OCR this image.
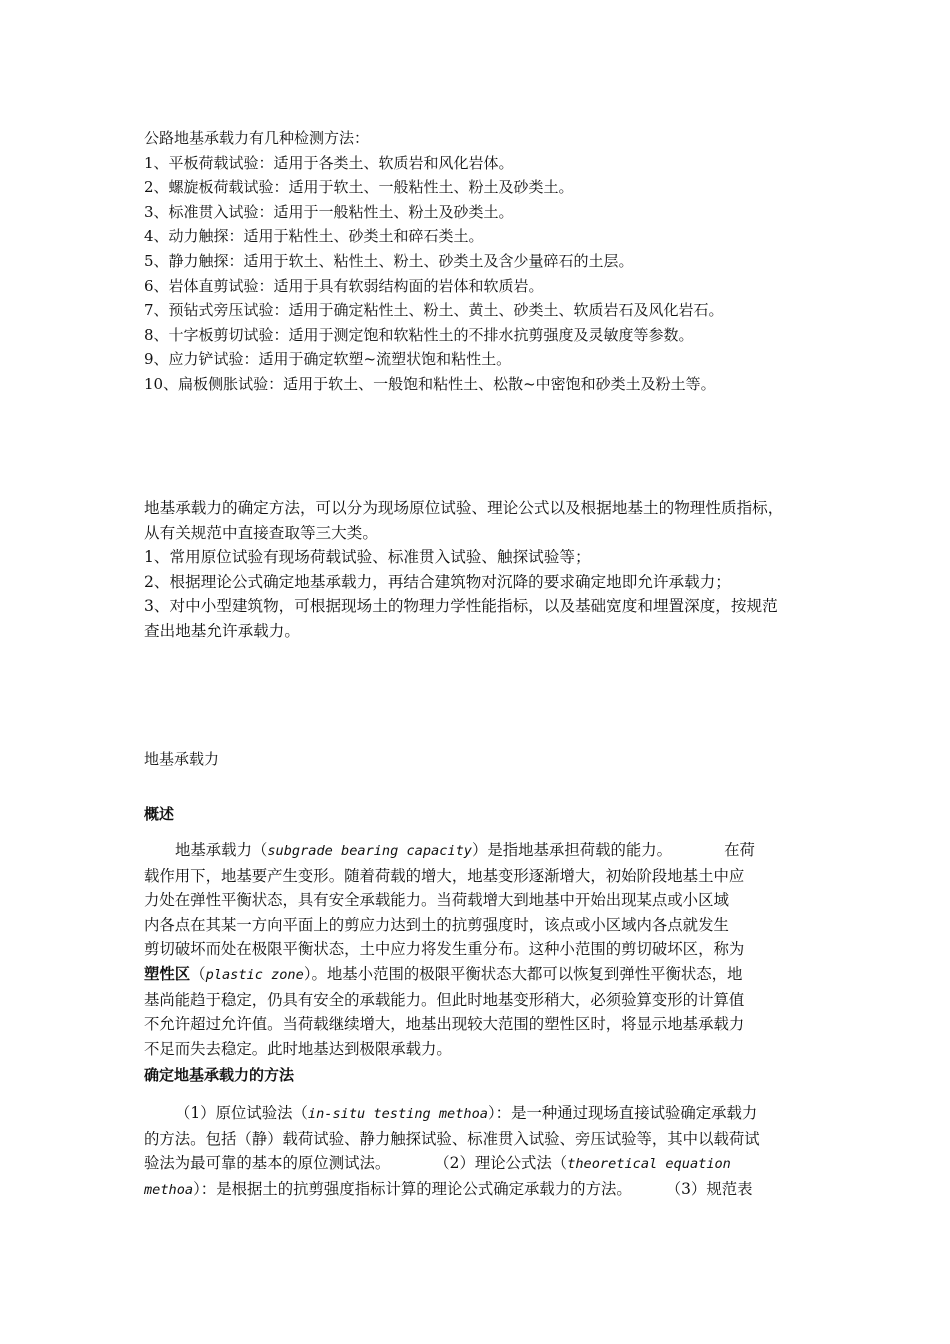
公路地基承载力有几种检测方法：
1、平板荷载试验：适用于各类土、软质岩和风化岩体。
2、螺旋板荷载试验：适用于软土、一般粘性土、粉土及砂类土。
3、标准贯入试验：适用于一般粘性土、粉土及砂类土。
4、动力触探：适用于粘性土、砂类土和碎石类土。
5、静力触探：适用于软土、粘性土、粉土、砂类土及含少量碎石的土层。
6、岩体直剪试验：适用于具有软弱结构面的岩体和软质岩。
7、预钻式旁压试验：适用于确定粘性土、粉土、黄土、砂类土、软质岩石及风化岩石。
8、十字板剪切试验：适用于测定饱和软粘性土的不排水抗剪强度及灵敏度等参数。
9、应力铲试验：适用于确定软塑~流塑状饱和粘性土。
10、扁板侧胀试验：适用于软土、一般饱和粘性土、松散~中密饱和砂类土及粉土等。
地基承载力的确定方法，可以分为现场原位试验、理论公式以及根据地基土的物理性质指标，
从有关规范中直接查取等三大类。
1、常用原位试验有现场荷载试验、标准贯入试验、触探试验等；
2、根据理论公式确定地基承载力，再结合建筑物对沉降的要求确定地即允许承载力；
3、对中小型建筑物，可根据现场土的物理力学性能指标，以及基础宽度和埋置深度，按规范
查出地基允许承载力。
地基承载力
概述
地基承载力（subgrade bearing capacity）是指地基承担荷载的能力。	在荷
载作用下，地基要产生变形。随着荷载的增大，地基变形逐渐增大，初始阶段地基土中应
力处在弹性平衡状态，具有安全承载能力。当荷载增大到地基中开始出现某点或小区域
内各点在其某一方向平面上的剪应力达到土的抗剪强度时，该点或小区域内各点就发生
剪切破坏而处在极限平衡状态，土中应力将发生重分布。这种小范围的剪切破坏区，称为
塑性区（plastic zone）。地基小范围的极限平衡状态大都可以恢复到弹性平衡状态，地
基尚能趋于稳定，仍具有安全的承载能力。但此时地基变形稍大，必须验算变形的计算值
不允许超过允许值。当荷载继续增大，地基出现较大范围的塑性区时，将显示地基承载力
不足而失去稳定。此时地基达到极限承载力。
确定地基承载力的方法
（1）原位试验法（in-situ testing methoa）：是一种通过现场直接试验确定承载力
的方法。包括（静）载荷试验、静力触探试验、标准贯入试验、旁压试验等，其中以载荷试
验法为最可靠的基本的原位测试法。	（2）理论公式法（theoretical equation
methoa）：是根据土的抗剪强度指标计算的理论公式确定承载力的方法。 （3）规范表
